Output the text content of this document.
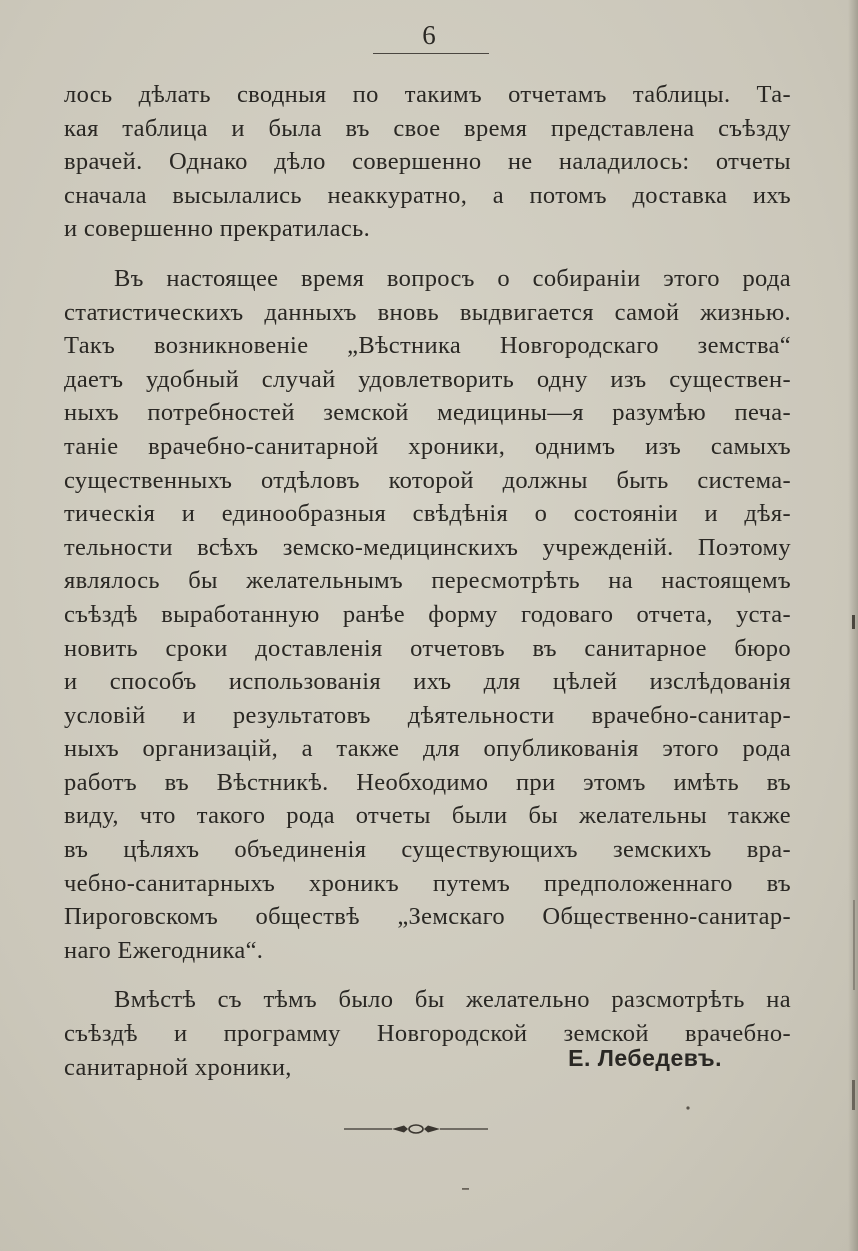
6
лось дѣлать сводныя по такимъ отчетамъ таблицы. Та-
кая таблица и была въ свое время представлена съѣзду
врачей. Однако дѣло совершенно не наладилось: отчеты
сначала высылались неаккуратно, а потомъ доставка ихъ
и совершенно прекратилась.
Въ настоящее время вопросъ о собиранiи этого рода
статистическихъ данныхъ вновь выдвигается самой жизнью.
Такъ возникновенiе „Вѣстника Новгородскаго земства“
даетъ удобный случай удовлетворить одну изъ существен-
ныхъ потребностей земской медицины—я разумѣю печа-
танiе врачебно-санитарной хроники, однимъ изъ самыхъ
существенныхъ отдѣловъ которой должны быть система-
тическiя и единообразныя свѣдѣнiя о состоянiи и дѣя-
тельности всѣхъ земско-медицинскихъ учрежденiй. Поэтому
являлось бы желательнымъ пересмотрѣть на настоящемъ
съѣздѣ выработанную ранѣе форму годоваго отчета, уста-
новить сроки доставленiя отчетовъ въ санитарное бюро
и способъ использованiя ихъ для цѣлей изслѣдованiя
условiй и результатовъ дѣятельности врачебно-санитар-
ныхъ организацiй, а также для опубликованiя этого рода
работъ въ Вѣстникѣ. Необходимо при этомъ имѣть въ
виду, что такого рода отчеты были бы желательны также
въ цѣляхъ объединенiя существующихъ земскихъ вра-
чебно-санитарныхъ хроникъ путемъ предположеннаго въ
Пироговскомъ обществѣ „Земскаго Общественно-санитар-
наго Ежегодника“.
Вмѣстѣ съ тѣмъ было бы желательно разсмотрѣть на
съѣздѣ и программу Новгородской земской врачебно-
санитарной хроники,	Е. Лебедевъ.
